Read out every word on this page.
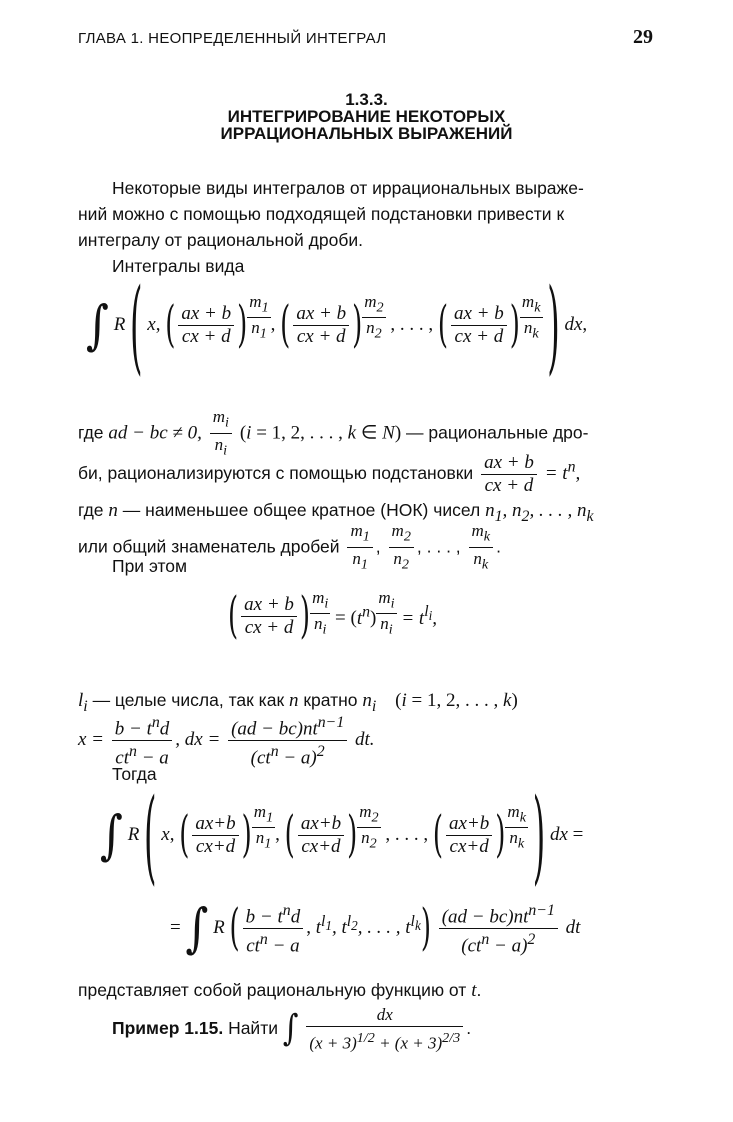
ГЛАВА 1. НЕОПРЕДЕЛЕННЫЙ ИНТЕГРАЛ	29
1.3.3.
ИНТЕГРИРОВАНИЕ НЕКОТОРЫХ
ИРРАЦИОНАЛЬНЫХ ВЫРАЖЕНИЙ
Некоторые виды интегралов от иррациональных выраже-
ний можно с помощью подходящей подстановки привести к
интегралу от рациональной дроби.
Интегралы вида
∫ R ( x, ( $\frac{ax + b}{cx + d}$ ) $\frac{m_1}{n_1}$ , ( $\frac{ax + b}{cx + d}$ ) $\frac{m_2}{n_2}$ , . . . , ( $\frac{ax + b}{cx + d}$ ) $\frac{m_k}{n_k}$ ) dx,
где ad − bc ≠ 0, $\frac{m_i}{n_i} (i = 1$, 2, . . . , k ∈ N) — рациональные дро-
би, рационализируются с помощью подстановки $\frac{ax + b}{cx + d} = t^n$,
где n — наименьшее общее кратное (НОК) чисел $n_1$, $n_2$, . . . , $n_k$
или общий знаменатель дробей $\frac{m_1}{n_1}$ , $\frac{m_2}{n_2}$ , . . . , $\frac{m_k}{n_k}$ .
При этом
( $\frac{ax + b}{cx + d}$ ) $\frac{m_i}{n_i} = (t^n) \frac{m_i}{n_i} = t^{l_i}$,
$l_i$ — целые числа, так как n кратно $n_i$ (i = 1, 2, . . . , k)
$x = \frac{b - t^nd}{ct^n - a}$ , dx = $\frac{(ad - bc)nt^{n-1}}{(ct^n - a)^2}$ dt.
Тогда
∫ R ( x, ( $\frac{ax+b}{cx+d}$ ) $\frac{m_1}{n_1}$ , ( $\frac{ax+b}{cx+d}$ ) $\frac{m_2}{n_2}$ , . . . , ( $\frac{ax+b}{cx+d}$ ) $\frac{m_k}{n_k}$ ) dx =
= ∫ R ( $\frac{b - t^nd}{ct^n - a}$ , $t^{l_1}$, $t^{l_2}$, . . . , $t^{l_k}) \frac{(ad - bc)nt^{n-1}}{(ct^n - a)^2}$ dt
представляет собой рациональную функцию от t.
Пример 1.15. Найти ∫ $\frac{dx}{(x + 3)^{1/2} + (x + 3)^{2/3}}$ .
